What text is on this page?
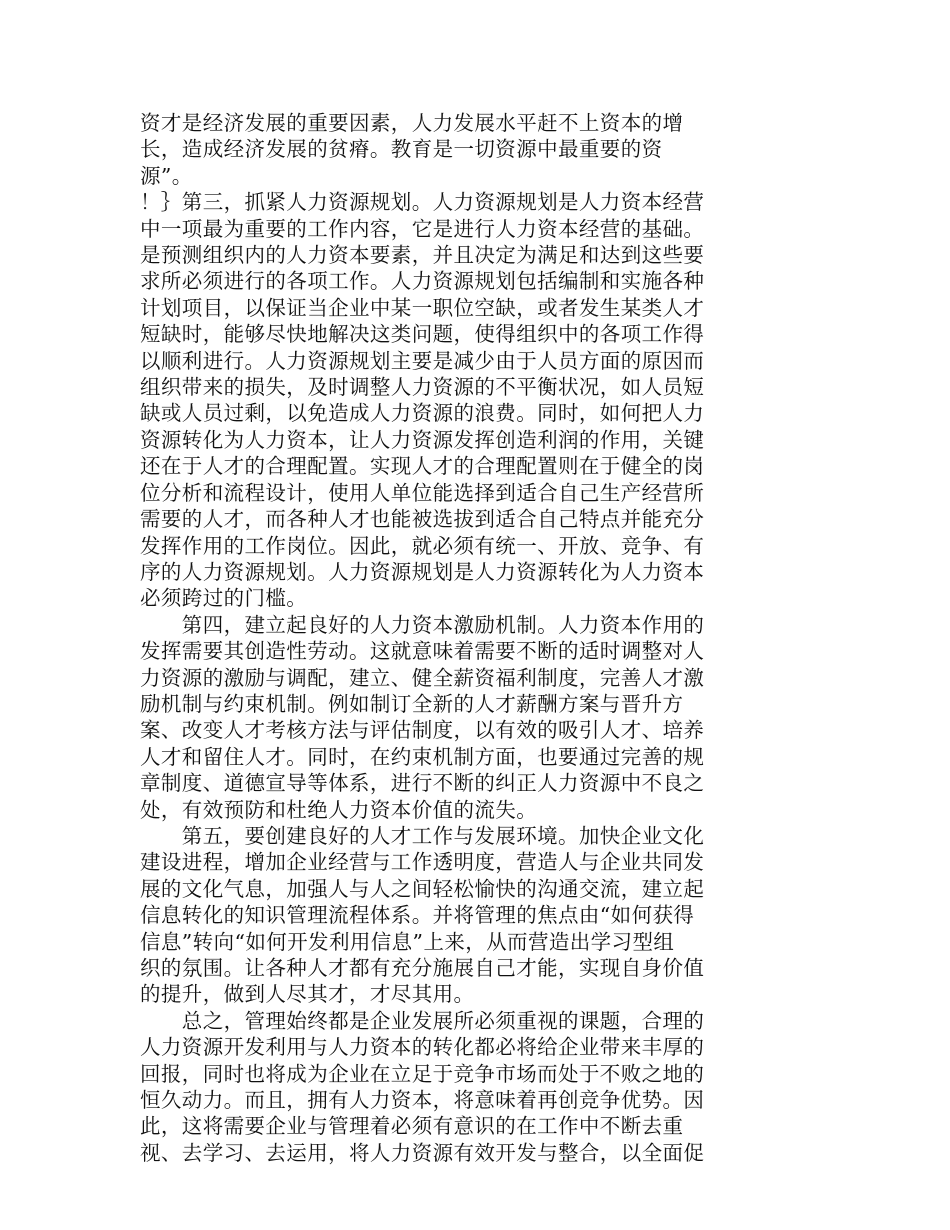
资才是经济发展的重要因素，人力发展水平赶不上资本的增
长，造成经济发展的贫瘠。教育是一切资源中最重要的资
源”。
！｝第三，抓紧人力资源规划。人力资源规划是人力资本经营
中一项最为重要的工作内容，它是进行人力资本经营的基础。
是预测组织内的人力资本要素，并且决定为满足和达到这些要
求所必须进行的各项工作。人力资源规划包括编制和实施各种
计划项目，以保证当企业中某一职位空缺，或者发生某类人才
短缺时，能够尽快地解决这类问题，使得组织中的各项工作得
以顺利进行。人力资源规划主要是减少由于人员方面的原因而
组织带来的损失，及时调整人力资源的不平衡状况，如人员短
缺或人员过剩，以免造成人力资源的浪费。同时，如何把人力
资源转化为人力资本，让人力资源发挥创造利润的作用，关键
还在于人才的合理配置。实现人才的合理配置则在于健全的岗
位分析和流程设计，使用人单位能选择到适合自己生产经营所
需要的人才，而各种人才也能被选拔到适合自己特点并能充分
发挥作用的工作岗位。因此，就必须有统一、开放、竞争、有
序的人力资源规划。人力资源规划是人力资源转化为人力资本
必须跨过的门槛。
　　第四，建立起良好的人力资本激励机制。人力资本作用的
发挥需要其创造性劳动。这就意味着需要不断的适时调整对人
力资源的激励与调配，建立、健全薪资福利制度，完善人才激
励机制与约束机制。例如制订全新的人才薪酬方案与晋升方
案、改变人才考核方法与评估制度，以有效的吸引人才、培养
人才和留住人才。同时，在约束机制方面，也要通过完善的规
章制度、道德宣导等体系，进行不断的纠正人力资源中不良之
处，有效预防和杜绝人力资本价值的流失。
　　第五，要创建良好的人才工作与发展环境。加快企业文化
建设进程，增加企业经营与工作透明度，营造人与企业共同发
展的文化气息，加强人与人之间轻松愉快的沟通交流，建立起
信息转化的知识管理流程体系。并将管理的焦点由“如何获得
信息”转向“如何开发利用信息”上来，从而营造出学习型组
织的氛围。让各种人才都有充分施展自己才能，实现自身价值
的提升，做到人尽其才，才尽其用。
　　总之，管理始终都是企业发展所必须重视的课题，合理的
人力资源开发利用与人力资本的转化都必将给企业带来丰厚的
回报，同时也将成为企业在立足于竞争市场而处于不败之地的
恒久动力。而且，拥有人力资本，将意味着再创竞争优势。因
此，这将需要企业与管理着必须有意识的在工作中不断去重
视、去学习、去运用，将人力资源有效开发与整合，以全面促
